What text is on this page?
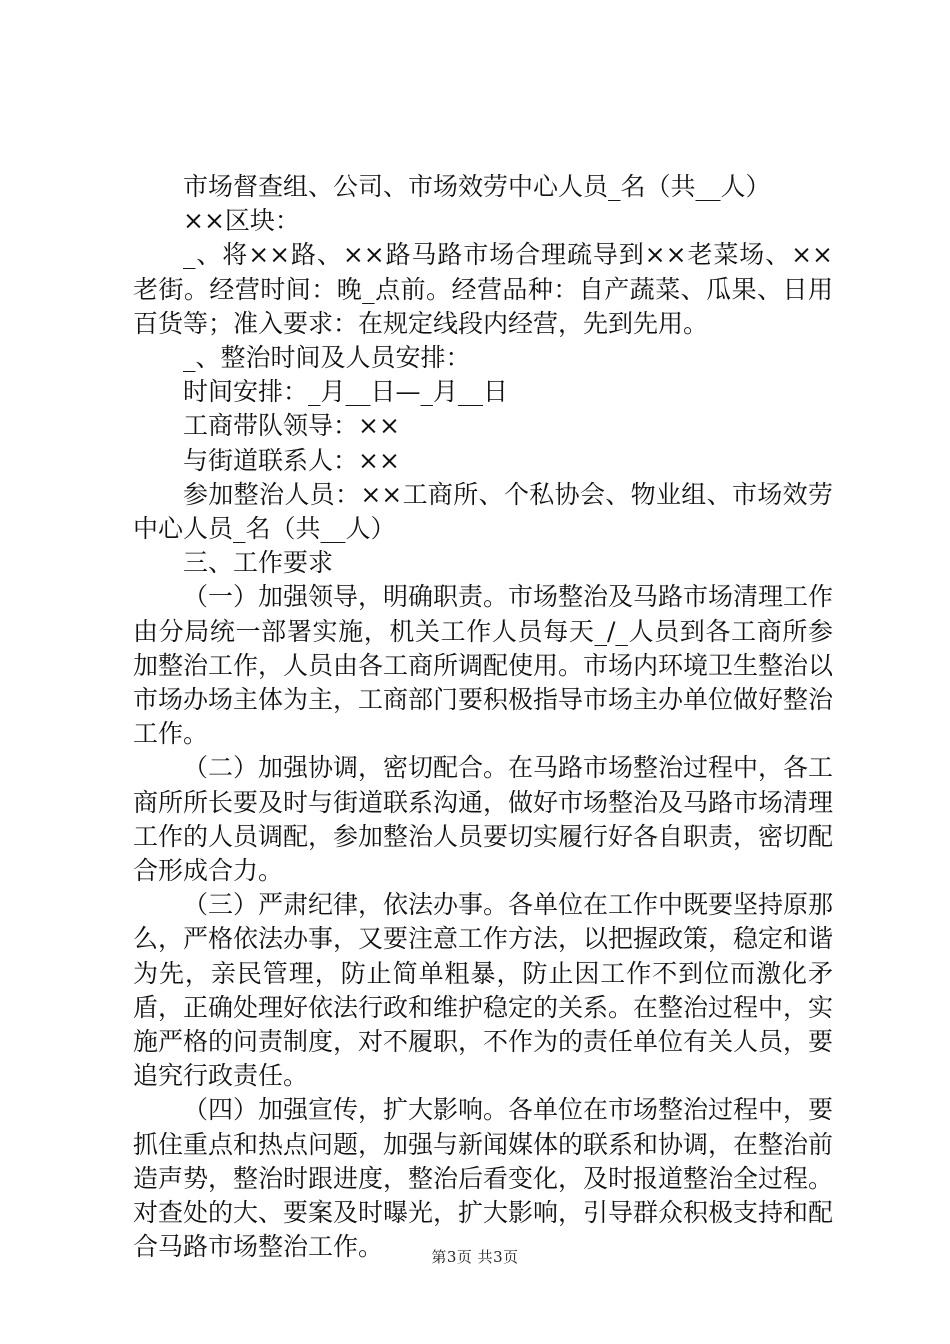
市场督查组、公司、市场效劳中心人员_名（共__人）

××区块：

_、将××路、××路马路市场合理疏导到××老菜场、××老街。经营时间：晚_点前。经营品种：自产蔬菜、瓜果、日用百货等；准入要求：在规定线段内经营，先到先用。

_、整治时间及人员安排：

时间安排：_月__日—_月__日

工商带队领导：××

与街道联系人：××

参加整治人员：××工商所、个私协会、物业组、市场效劳中心人员_名（共__人）

三、工作要求

（一）加强领导，明确职责。市场整治及马路市场清理工作由分局统一部署实施，机关工作人员每天_/_人员到各工商所参加整治工作，人员由各工商所调配使用。市场内环境卫生整治以市场办场主体为主，工商部门要积极指导市场主办单位做好整治工作。

（二）加强协调，密切配合。在马路市场整治过程中，各工商所所长要及时与街道联系沟通，做好市场整治及马路市场清理工作的人员调配，参加整治人员要切实履行好各自职责，密切配合形成合力。

（三）严肃纪律，依法办事。各单位在工作中既要坚持原那么，严格依法办事，又要注意工作方法，以把握政策，稳定和谐为先，亲民管理，防止简单粗暴，防止因工作不到位而激化矛盾，正确处理好依法行政和维护稳定的关系。在整治过程中，实施严格的问责制度，对不履职，不作为的责任单位有关人员，要追究行政责任。

（四）加强宣传，扩大影响。各单位在市场整治过程中，要抓住重点和热点问题，加强与新闻媒体的联系和协调，在整治前造声势，整治时跟进度，整治后看变化，及时报道整治全过程。对查处的大、要案及时曝光，扩大影响，引导群众积极支持和配合马路市场整治工作。	第3页 共3页
